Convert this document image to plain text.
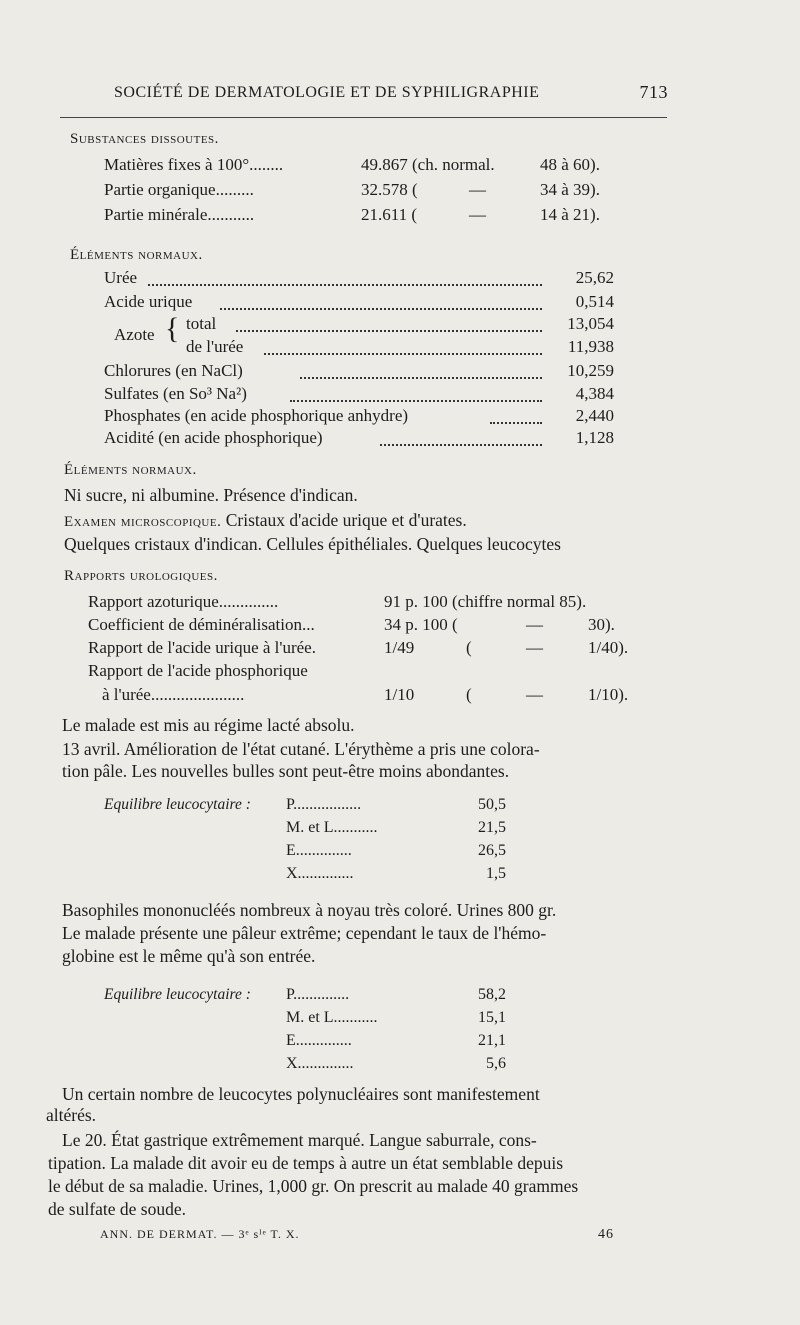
SOCIÉTÉ DE DERMATOLOGIE ET DE SYPHILIGRAPHIE	713
Substances dissoutes.
Matières fixes à 100°........	49.867 (ch. normal.	48 à 60).
Partie organique.........	32.578 (	—	34 à 39).
Partie minérale...........	21.611 (	—	14 à 21).
Éléments normaux.
Urée	25,62
Acide urique	0,514
Azote { total	13,054
de l'urée	11,938
Chlorures (en NaCl)	10,259
Sulfates (en So³ Na²)	4,384
Phosphates (en acide phosphorique anhydre)	2,440
Acidité (en acide phosphorique)	1,128
Éléments normaux.
Ni sucre, ni albumine. Présence d'indican.
Examen microscopique. Cristaux d'acide urique et d'urates.
Quelques cristaux d'indican. Cellules épithéliales. Quelques leucocytes
Rapports urologiques.
Rapport azoturique..............	91 p. 100 (chiffre normal 85).
Coefficient de déminéralisation...	34 p. 100 (	—	30).
Rapport de l'acide urique à l'urée.	1/49	(	—	1/40).
Rapport de l'acide phosphorique
à l'urée......................	1/10	(	—	1/10).
Le malade est mis au régime lacté absolu.
13 avril. Amélioration de l'état cutané. L'érythème a pris une colora-
tion pâle. Les nouvelles bulles sont peut-être moins abondantes.
Equilibre leucocytaire : P.................	50,5
M. et L...........	21,5
E..............	26,5
X..............	1,5
Basophiles mononucléés nombreux à noyau très coloré. Urines 800 gr.
Le malade présente une pâleur extrême; cependant le taux de l'hémo-
globine est le même qu'à son entrée.
Equilibre leucocytaire : P..............	58,2
M. et L...........	15,1
E..............	21,1
X..............	5,6
Un certain nombre de leucocytes polynucléaires sont manifestement
altérés.
Le 20. État gastrique extrêmement marqué. Langue saburrale, cons-
tipation. La malade dit avoir eu de temps à autre un état semblable depuis
le début de sa maladie. Urines, 1,000 gr. On prescrit au malade 40 grammes
de sulfate de soude.
ANN. DE DERMAT. — 3ᵉ sᴵᵉ T. X.	46
